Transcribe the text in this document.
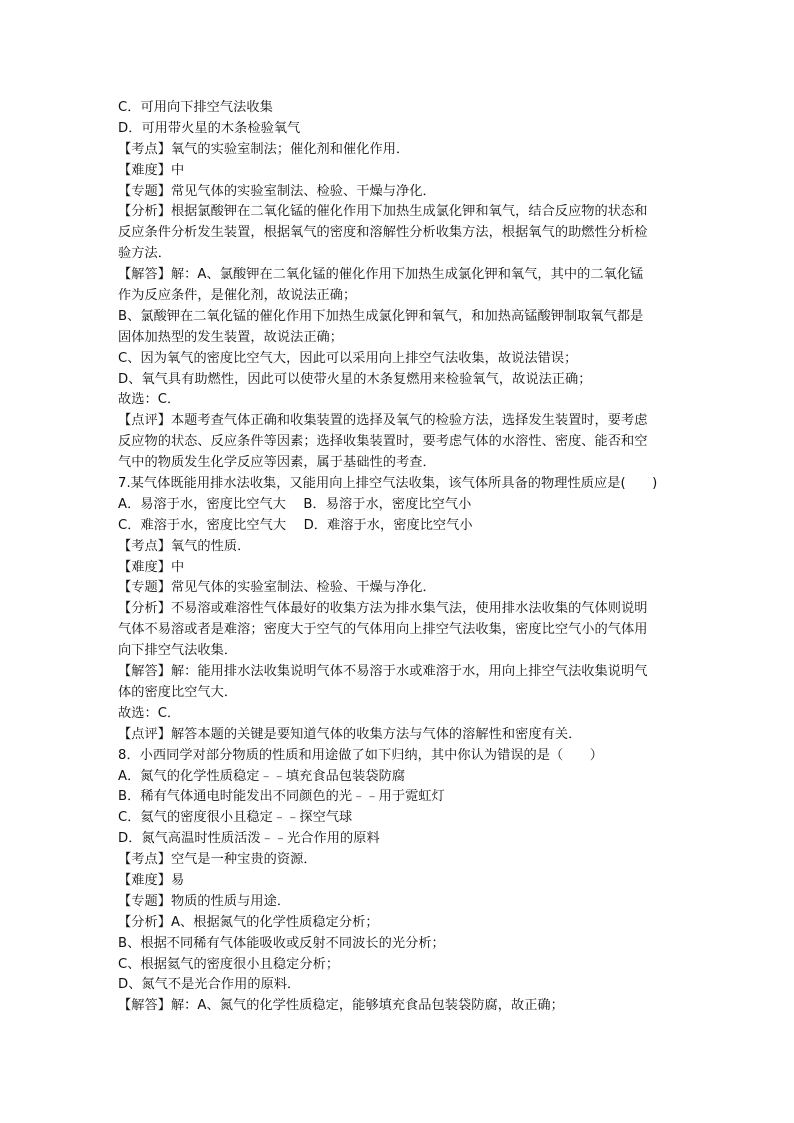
C．可用向下排空气法收集
D．可用带火星的木条检验氧气
【考点】氧气的实验室制法；催化剂和催化作用．
【难度】中
【专题】常见气体的实验室制法、检验、干燥与净化．
【分析】根据氯酸钾在二氧化锰的催化作用下加热生成氯化钾和氧气，结合反应物的状态和
反应条件分析发生装置，根据氧气的密度和溶解性分析收集方法，根据氧气的助燃性分析检
验方法．
【解答】解：A、氯酸钾在二氧化锰的催化作用下加热生成氯化钾和氧气，其中的二氧化锰
作为反应条件，是催化剂，故说法正确；
B、氯酸钾在二氧化锰的催化作用下加热生成氯化钾和氧气，和加热高锰酸钾制取氧气都是
固体加热型的发生装置，故说法正确；
C、因为氧气的密度比空气大，因此可以采用向上排空气法收集，故说法错误；
D、氧气具有助燃性，因此可以使带火星的木条复燃用来检验氧气，故说法正确；
故选：C．
【点评】本题考查气体正确和收集装置的选择及氧气的检验方法，选择发生装置时，要考虑
反应物的状态、反应条件等因素；选择收集装置时，要考虑气体的水溶性、密度、能否和空
气中的物质发生化学反应等因素，属于基础性的考查．
7.某气体既能用排水法收集，又能用向上排空气法收集，该气体所具备的物理性质应是(　　)
A．易溶于水，密度比空气大　 B．易溶于水，密度比空气小
C．难溶于水，密度比空气大　 D．难溶于水，密度比空气小
【考点】氧气的性质．
【难度】中
【专题】常见气体的实验室制法、检验、干燥与净化．
【分析】不易溶或难溶性气体最好的收集方法为排水集气法，使用排水法收集的气体则说明
气体不易溶或者是难溶；密度大于空气的气体用向上排空气法收集，密度比空气小的气体用
向下排空气法收集．
【解答】解：能用排水法收集说明气体不易溶于水或难溶于水，用向上排空气法收集说明气
体的密度比空气大．
故选：C．
【点评】解答本题的关键是要知道气体的收集方法与气体的溶解性和密度有关．
8．小西同学对部分物质的性质和用途做了如下归纳，其中你认为错误的是（　　）
A．氮气的化学性质稳定﹣﹣填充食品包装袋防腐
B．稀有气体通电时能发出不同颜色的光﹣﹣用于霓虹灯
C．氦气的密度很小且稳定﹣﹣探空气球
D．氮气高温时性质活泼﹣﹣光合作用的原料
【考点】空气是一种宝贵的资源．
【难度】易
【专题】物质的性质与用途．
【分析】A、根据氮气的化学性质稳定分析；
B、根据不同稀有气体能吸收或反射不同波长的光分析；
C、根据氦气的密度很小且稳定分析；
D、氮气不是光合作用的原料．
【解答】解：A、氮气的化学性质稳定，能够填充食品包装袋防腐，故正确；
